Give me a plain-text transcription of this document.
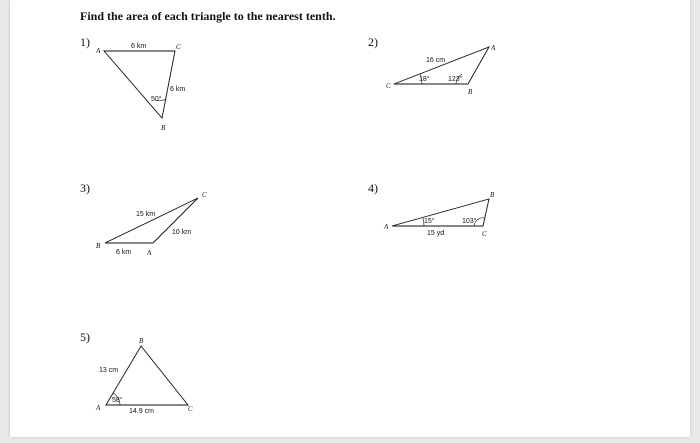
Find the area of each triangle to the nearest tenth.
1)	2)
3)	4)
5)
A	C
B
6 km
6 km
50°
C
A
B
16 cm
18°	123°
B
C
A
15 km
10 km
6 km
A
B
C
15°	103°
15 yd
A
B
C
13 cm
58°
14.9 cm
